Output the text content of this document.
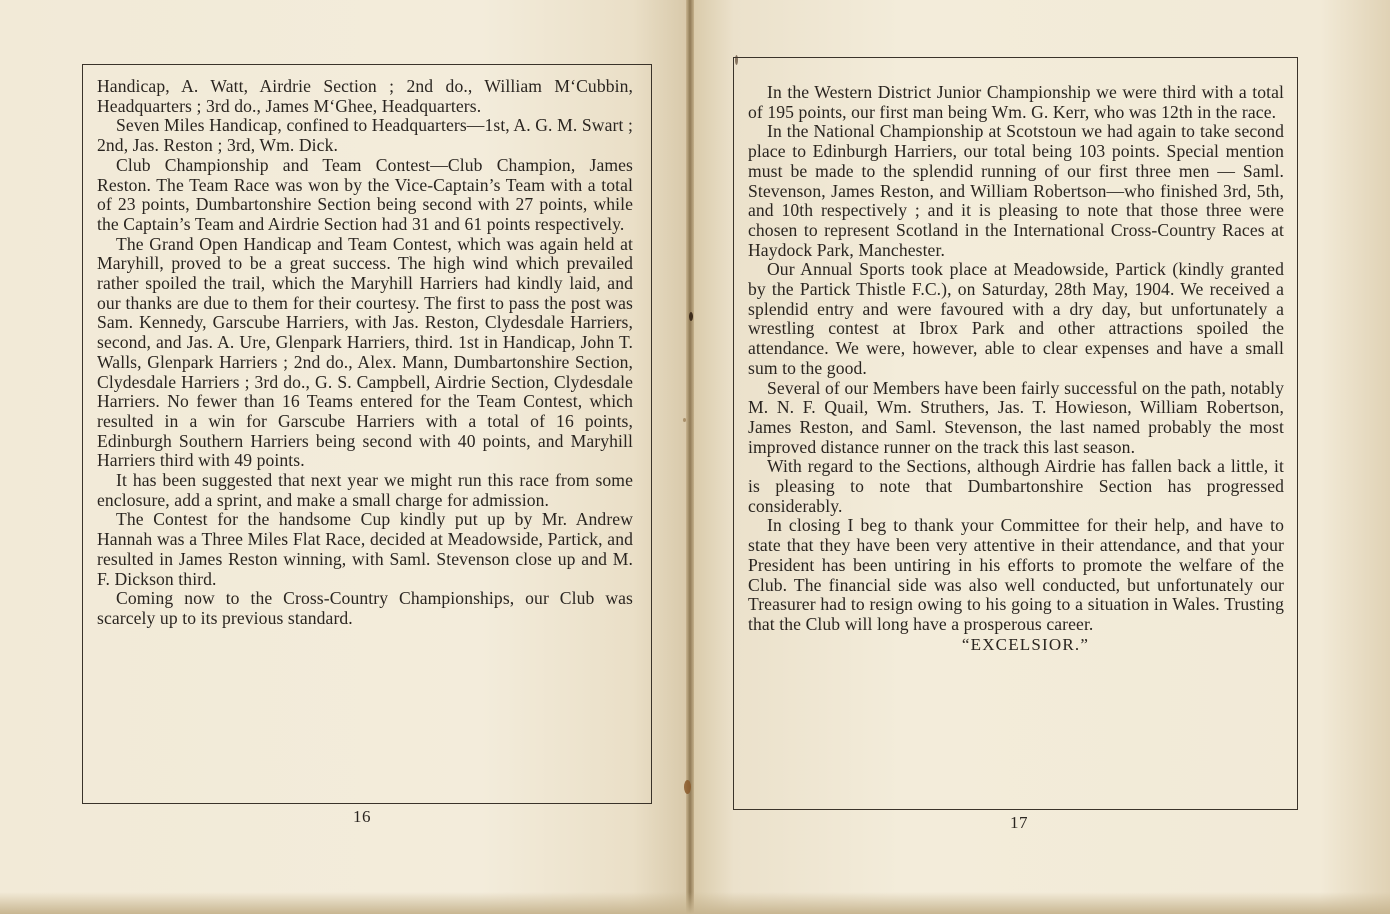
Handicap, A. Watt, Airdrie Section ; 2nd do., William M‘Cubbin, Headquarters ; 3rd do., James M‘Ghee, Headquarters.

Seven Miles Handicap, confined to Headquarters—1st, A. G. M. Swart ; 2nd, Jas. Reston ; 3rd, Wm. Dick.

Club Championship and Team Contest—Club Champion, James Reston. The Team Race was won by the Vice-Captain’s Team with a total of 23 points, Dumbartonshire Section being second with 27 points, while the Captain’s Team and Airdrie Section had 31 and 61 points respectively.

The Grand Open Handicap and Team Contest, which was again held at Maryhill, proved to be a great success. The high wind which prevailed rather spoiled the trail, which the Maryhill Harriers had kindly laid, and our thanks are due to them for their courtesy. The first to pass the post was Sam. Kennedy, Garscube Harriers, with Jas. Reston, Clydesdale Harriers, second, and Jas. A. Ure, Glenpark Harriers, third. 1st in Handicap, John T. Walls, Glenpark Harriers ; 2nd do., Alex. Mann, Dumbartonshire Section, Clydesdale Harriers ; 3rd do., G. S. Campbell, Airdrie Section, Clydesdale Harriers. No fewer than 16 Teams entered for the Team Contest, which resulted in a win for Garscube Harriers with a total of 16 points, Edinburgh Southern Harriers being second with 40 points, and Maryhill Harriers third with 49 points.

It has been suggested that next year we might run this race from some enclosure, add a sprint, and make a small charge for admission.

The Contest for the handsome Cup kindly put up by Mr. Andrew Hannah was a Three Miles Flat Race, decided at Meadowside, Partick, and resulted in James Reston winning, with Saml. Stevenson close up and M. F. Dickson third.

Coming now to the Cross-Country Championships, our Club was scarcely up to its previous standard.

16

In the Western District Junior Championship we were third with a total of 195 points, our first man being Wm. G. Kerr, who was 12th in the race.

In the National Championship at Scotstoun we had again to take second place to Edinburgh Harriers, our total being 103 points. Special mention must be made to the splendid running of our first three men — Saml. Stevenson, James Reston, and William Robertson—who finished 3rd, 5th, and 10th respectively ; and it is pleasing to note that those three were chosen to represent Scotland in the International Cross-Country Races at Haydock Park, Manchester.

Our Annual Sports took place at Meadowside, Partick (kindly granted by the Partick Thistle F.C.), on Saturday, 28th May, 1904. We received a splendid entry and were favoured with a dry day, but unfortunately a wrestling contest at Ibrox Park and other attractions spoiled the attendance. We were, however, able to clear expenses and have a small sum to the good.

Several of our Members have been fairly successful on the path, notably M. N. F. Quail, Wm. Struthers, Jas. T. Howieson, William Robertson, James Reston, and Saml. Stevenson, the last named probably the most improved distance runner on the track this last season.

With regard to the Sections, although Airdrie has fallen back a little, it is pleasing to note that Dumbartonshire Section has progressed considerably.

In closing I beg to thank your Committee for their help, and have to state that they have been very attentive in their attendance, and that your President has been untiring in his efforts to promote the welfare of the Club. The financial side was also well conducted, but unfortunately our Treasurer had to resign owing to his going to a situation in Wales. Trusting that the Club will long have a prosperous career.

“EXCELSIOR.”

17
